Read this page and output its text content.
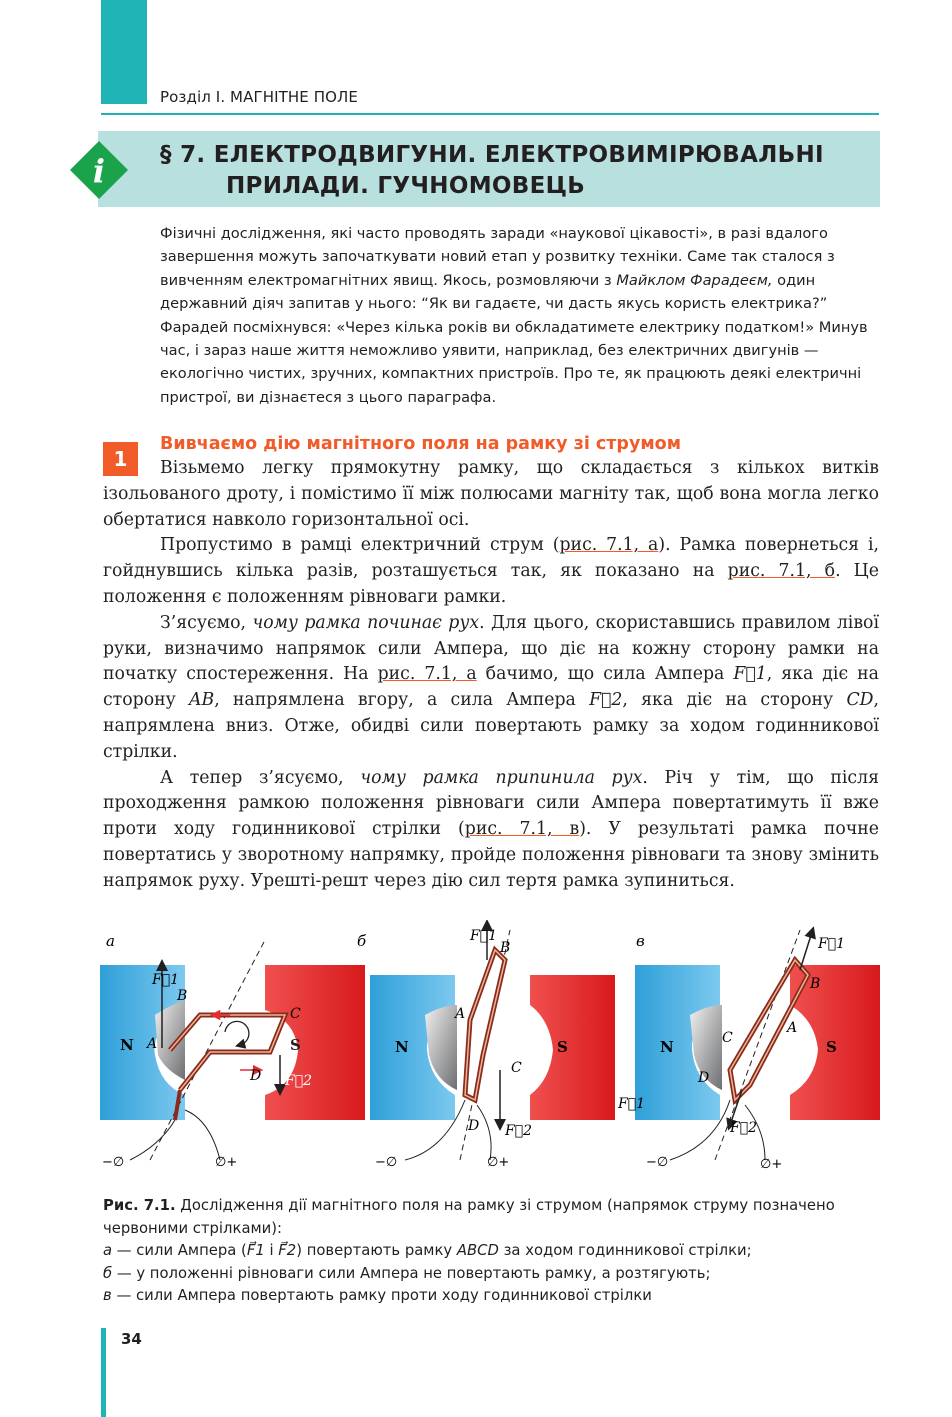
Розділ І. МАГНІТНЕ ПОЛЕ
i § 7. ЕЛЕКТРОДВИГУНИ. ЕЛЕКТРОВИМІРЮВАЛЬНІ
ПРИЛАДИ. ГУЧНОМОВЕЦЬ

Фізичні дослідження, які часто проводять заради «наукової цікавості», в разі вдалого завершення можуть започаткувати новий етап у розвитку техніки. Саме так сталося з вивченням електромагнітних явищ. Якось, розмовляючи з Майклом Фарадеєм, один державний діяч запитав у нього: “Як ви гадаєте, чи дасть якусь користь електрика?” Фарадей посміхнувся: «Через кілька років ви обкладатимете електрику податком!» Минув час, і зараз наше життя неможливо уявити, наприклад, без електричних двигунів — екологічно чистих, зручних, компактних пристроїв. Про те, як працюють деякі електричні пристрої, ви дізнаєтеся з цього параграфа.

1
Вивчаємо дію магнітного поля на рамку зі струмом

Візьмемо легку прямокутну рамку, що складається з кількох витків ізольованого дроту, і помістимо її між полюсами магніту так, щоб вона могла легко обертатися навколо горизонтальної осі.

Пропустимо в рамці електричний струм (рис. 7.1, а). Рамка повернеться і, гойднувшись кілька разів, розташується так, як показано на рис. 7.1, б. Це положення є положенням рівноваги рамки.

З’ясуємо, чому рамка починає рух. Для цього, скориставшись правилом лівої руки, визначимо напрямок сили Ампера, що діє на кожну сторону рамки на початку спостереження. На рис. 7.1, а бачимо, що сила Ампера F⃗1, яка діє на сторону AB, напрямлена вгору, а сила Ампера F⃗2, яка діє на сторону CD, напрямлена вниз. Отже, обидві сили повертають рамку за ходом годинникової стрілки.

А тепер з’ясуємо, чому рамка припинила рух. Річ у тім, що після проходження рамкою положення рівноваги сили Ампера повертатимуть її вже проти ходу годинникової стрілки (рис. 7.1, в). У результаті рамка почне повертатись у зворотному напрямку, пройде положення рівноваги та знову змінить напрямок руху. Урешті-решт через дію сил тертя рамка зупиниться.

а
N	S
F⃗1
B
A
C
D F⃗2
−∅	∅+
б
N	S
F⃗1
B
A
C
D F⃗2
−∅	∅+
в
N	S
F⃗1
B
A
C
D
F⃗1
F⃗2
−∅	∅+

Рис. 7.1. Дослідження дії магнітного поля на рамку зі струмом (напрямок струму позначено червоними стрілками):

а — сили Ампера (F⃗1 і F⃗2) повертають рамку ABCD за ходом годинникової стрілки;

б — у положенні рівноваги сили Ампера не повертають рамку, а розтягують;

в — сили Ампера повертають рамку проти ходу годинникової стрілки

34
